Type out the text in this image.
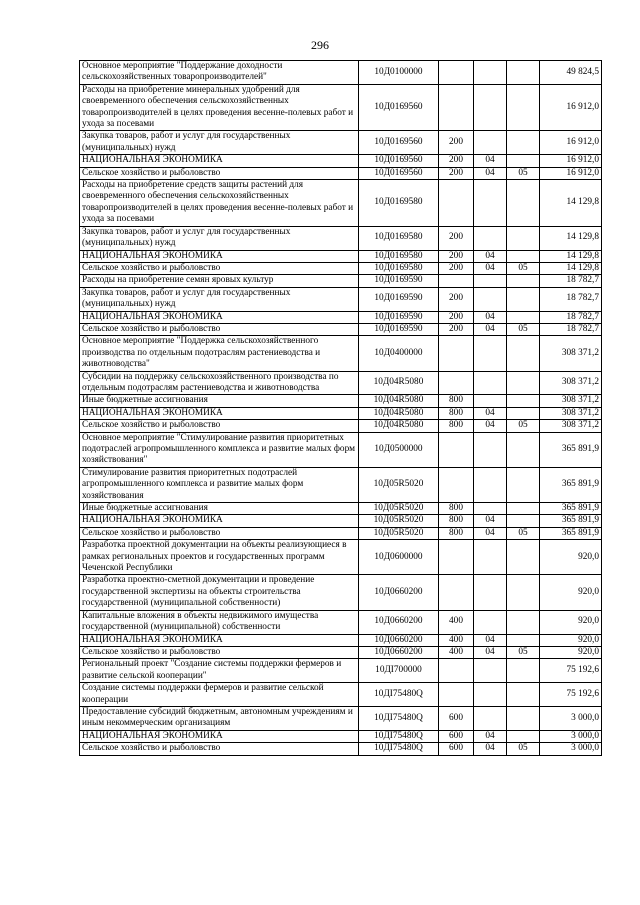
296
Основное мероприятие "Поддержание доходности сельскохозяйственных товаропроизводителей"	10Д0100000				49 824,5
Расходы на приобретение минеральных удобрений для своевременного обеспечения сельскохозяйственных товаропроизводителей в целях проведения весенне-полевых работ и ухода за посевами	10Д0169560				16 912,0
Закупка товаров, работ и услуг для государственных (муниципальных) нужд	10Д0169560	200			16 912,0
НАЦИОНАЛЬНАЯ ЭКОНОМИКА	10Д0169560	200	04		16 912,0
Сельское хозяйство и рыболовство	10Д0169560	200	04	05	16 912,0
Расходы на приобретение средств защиты растений для своевременного обеспечения сельскохозяйственных товаропроизводителей в целях проведения весенне-полевых работ и ухода за посевами	10Д0169580				14 129,8
Закупка товаров, работ и услуг для государственных (муниципальных) нужд	10Д0169580	200			14 129,8
НАЦИОНАЛЬНАЯ ЭКОНОМИКА	10Д0169580	200	04		14 129,8
Сельское хозяйство и рыболовство	10Д0169580	200	04	05	14 129,8
Расходы на приобретение семян яровых культур	10Д0169590				18 782,7
Закупка товаров, работ и услуг для государственных (муниципальных) нужд	10Д0169590	200			18 782,7
НАЦИОНАЛЬНАЯ ЭКОНОМИКА	10Д0169590	200	04		18 782,7
Сельское хозяйство и рыболовство	10Д0169590	200	04	05	18 782,7
Основное мероприятие "Поддержка сельскохозяйственного производства по отдельным подотраслям растениеводства и животноводства"	10Д0400000				308 371,2
Субсидии на поддержку сельскохозяйственного производства по отдельным подотраслям растениеводства и животноводства	10Д04R5080				308 371,2
Иные бюджетные ассигнования	10Д04R5080	800			308 371,2
НАЦИОНАЛЬНАЯ ЭКОНОМИКА	10Д04R5080	800	04		308 371,2
Сельское хозяйство и рыболовство	10Д04R5080	800	04	05	308 371,2
Основное мероприятие "Стимулирование развития приоритетных подотраслей агропромышленного комплекса и развитие малых форм хозяйствования"	10Д0500000				365 891,9
Стимулирование развития приоритетных подотраслей агропромышленного комплекса и развитие малых форм хозяйствования	10Д05R5020				365 891,9
Иные бюджетные ассигнования	10Д05R5020	800			365 891,9
НАЦИОНАЛЬНАЯ ЭКОНОМИКА	10Д05R5020	800	04		365 891,9
Сельское хозяйство и рыболовство	10Д05R5020	800	04	05	365 891,9
Разработка проектной документации на объекты реализующиеся в рамках региональных проектов и государственных программ Чеченской Республики	10Д0600000				920,0
Разработка проектно-сметной документации и проведение государственной экспертизы на объекты строительства государственной (муниципальной собственности)	10Д0660200				920,0
Капитальные вложения в объекты недвижимого имущества государственной (муниципальной) собственности	10Д0660200	400			920,0
НАЦИОНАЛЬНАЯ ЭКОНОМИКА	10Д0660200	400	04		920,0
Сельское хозяйство и рыболовство	10Д0660200	400	04	05	920,0
Региональный проект "Создание системы поддержки фермеров и развитие сельской кооперации"	10ДI700000				75 192,6
Создание системы поддержки фермеров и развитие сельской кооперации	10ДI75480Q				75 192,6
Предоставление субсидий бюджетным, автономным учреждениям и иным некоммерческим организациям	10ДI75480Q	600			3 000,0
НАЦИОНАЛЬНАЯ ЭКОНОМИКА	10ДI75480Q	600	04		3 000,0
Сельское хозяйство и рыболовство	10ДI75480Q	600	04	05	3 000,0
